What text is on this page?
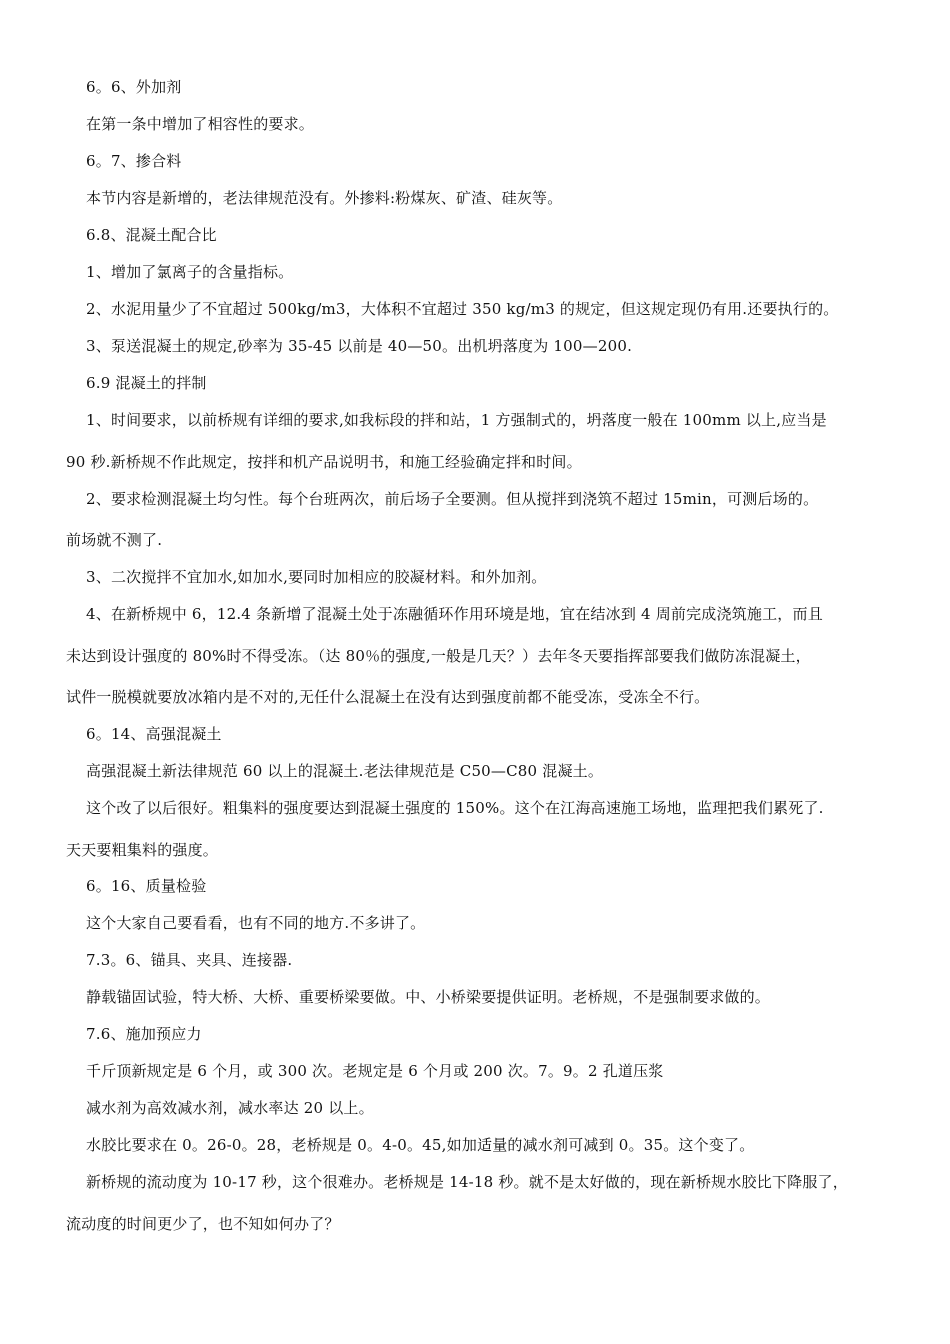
6。6、外加剂
在第一条中增加了相容性的要求。
6。7、掺合料
本节内容是新增的，老法律规范没有。外掺料:粉煤灰、矿渣、硅灰等。
6.8、混凝土配合比
1、增加了氯离子的含量指标。
2、水泥用量少了不宜超过 500kg/m3，大体积不宜超过 350 kg/m3 的规定，但这规定现仍有用.还要执行的。
3、泵送混凝土的规定,砂率为 35-45 以前是 40—50。出机坍落度为 100—200.
6.9 混凝土的拌制
1、时间要求，以前桥规有详细的要求,如我标段的拌和站，1 方强制式的，坍落度一般在 100mm 以上,应当是
90 秒.新桥规不作此规定，按拌和机产品说明书，和施工经验确定拌和时间。
2、要求检测混凝土均匀性。每个台班两次，前后场子全要测。但从搅拌到浇筑不超过 15min，可测后场的。
前场就不测了.
3、二次搅拌不宜加水,如加水,要同时加相应的胶凝材料。和外加剂。
4、在新桥规中 6，12.4 条新增了混凝土处于冻融循环作用环境是地，宜在结冰到 4 周前完成浇筑施工，而且
未达到设计强度的 80%时不得受冻。（达 80％的强度,一般是几天？）去年冬天要指挥部要我们做防冻混凝土，
试件一脱模就要放冰箱内是不对的,无任什么混凝土在没有达到强度前都不能受冻，受冻全不行。
6。14、高强混凝土
高强混凝土新法律规范 60 以上的混凝土.老法律规范是 C50—C80 混凝土。
这个改了以后很好。粗集料的强度要达到混凝土强度的 150%。这个在江海高速施工场地，监理把我们累死了.
天天要粗集料的强度。
6。16、质量检验
这个大家自己要看看，也有不同的地方.不多讲了。
7.3。6、锚具、夹具、连接器.
静载锚固试验，特大桥、大桥、重要桥梁要做。中、小桥梁要提供证明。老桥规，不是强制要求做的。
7.6、施加预应力
千斤顶新规定是 6 个月，或 300 次。老规定是 6 个月或 200 次。7。9。2 孔道压浆
减水剂为高效减水剂，减水率达 20 以上。
水胶比要求在 0。26-0。28，老桥规是 0。4-0。45,如加适量的减水剂可减到 0。35。这个变了。
新桥规的流动度为 10-17 秒，这个很难办。老桥规是 14-18 秒。就不是太好做的，现在新桥规水胶比下降服了，
流动度的时间更少了，也不知如何办了？
